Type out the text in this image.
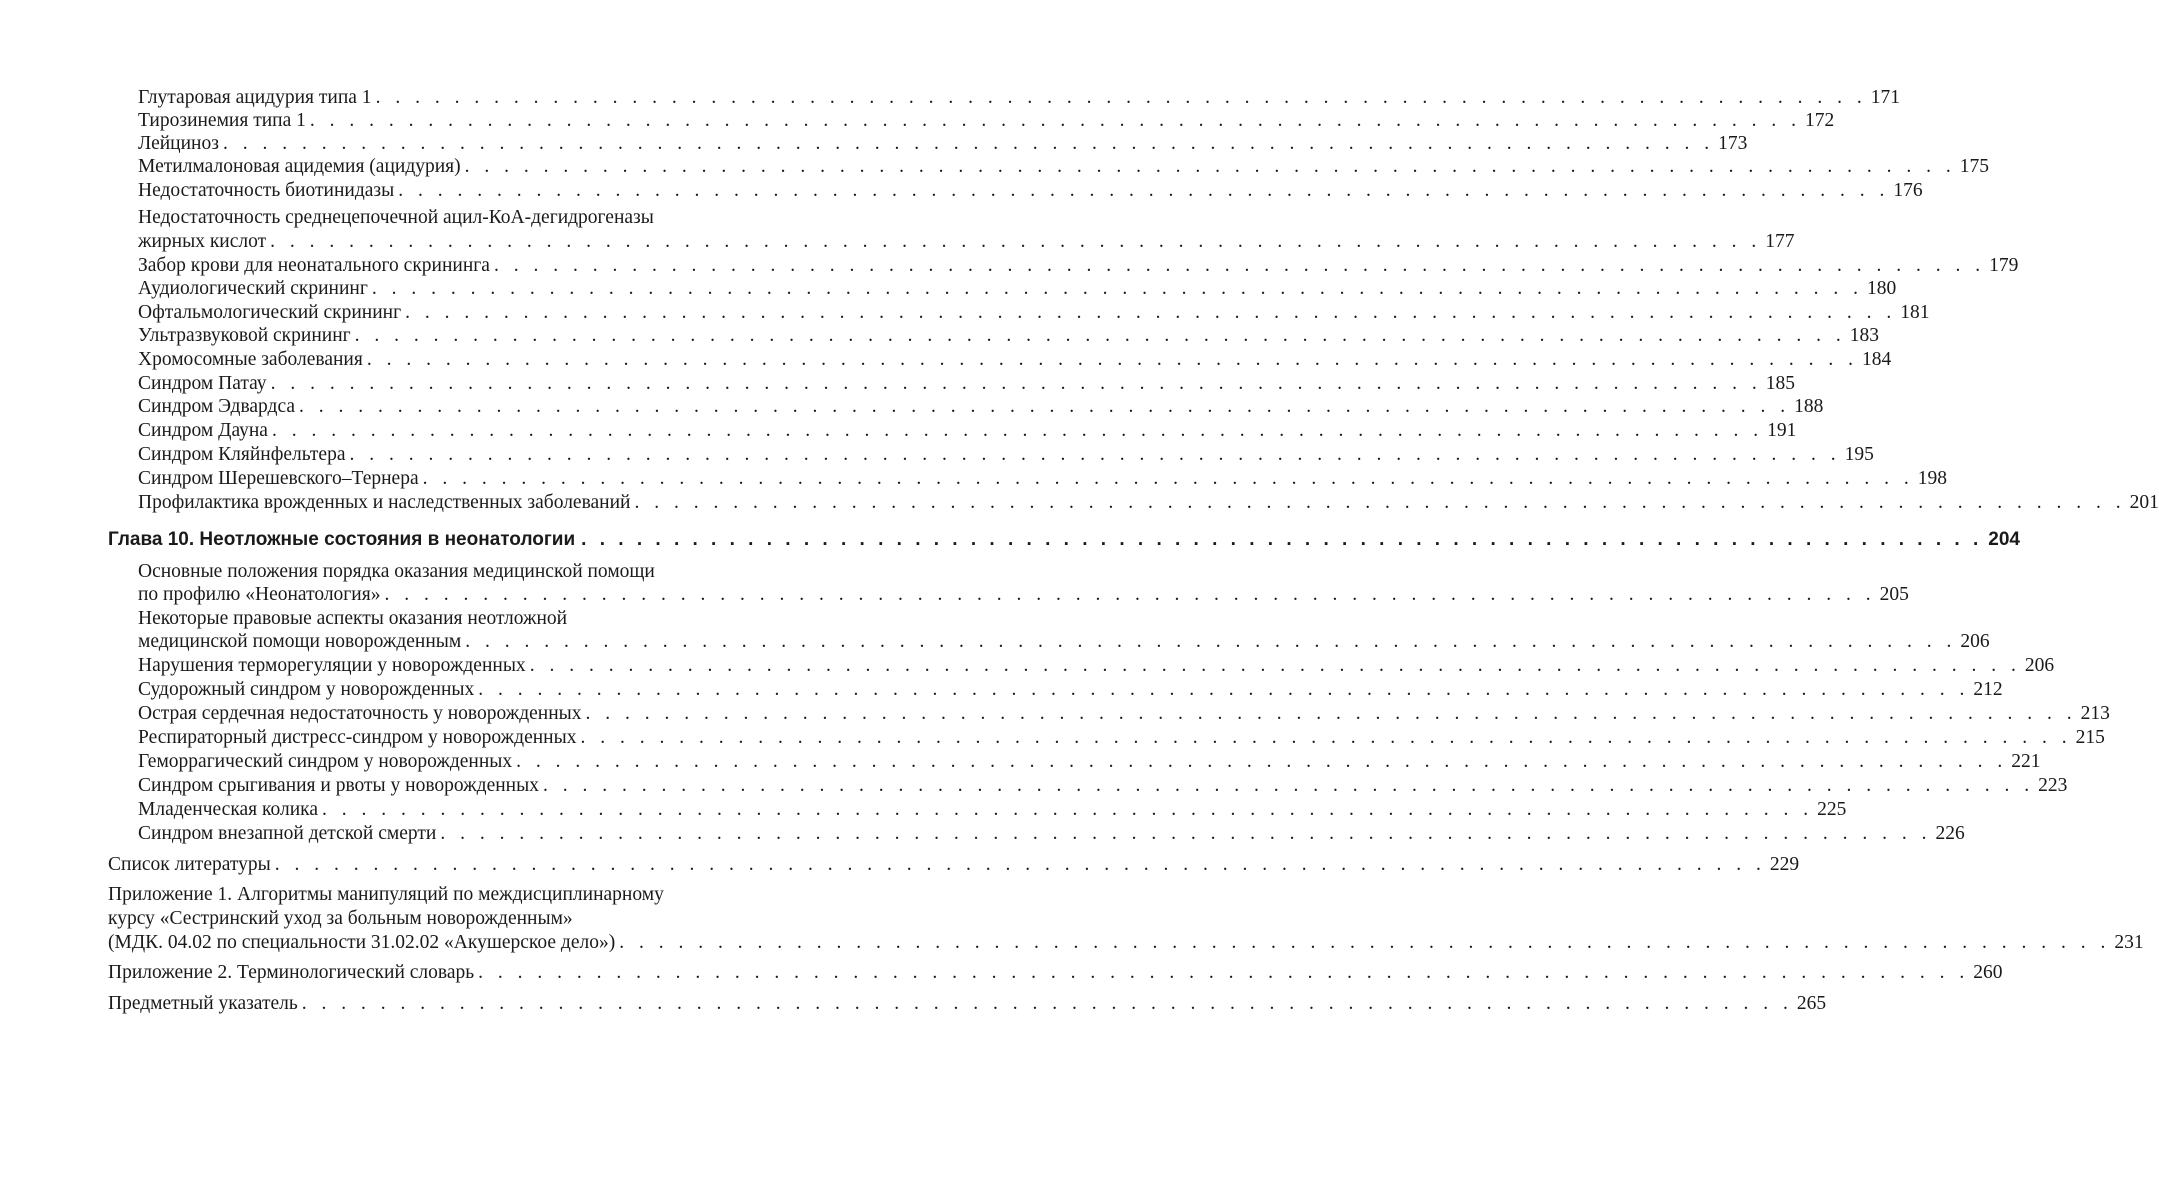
Глутаровая ацидурия типа 1 . . . . . . . . . . . . . . . . . . . . . . . . . . . . . . . . . . . . . . . . . . . . . . . . . . . . . . . . . . . . . . . . . . . . . . . . . . . . 171
Тирозинемия типа 1 . . . . . . . . . . . . . . . . . . . . . . . . . . . . . . . . . . . . . . . . . . . . . . . . . . . . . . . . . . . . . . . . . . . . . . . . . . . . 172
Лейциноз . . . . . . . . . . . . . . . . . . . . . . . . . . . . . . . . . . . . . . . . . . . . . . . . . . . . . . . . . . . . . . . . . . . . . . . . . . . . 173
Метилмалоновая ацидемия (ацидурия) . . . . . . . . . . . . . . . . . . . . . . . . . . . . . . . . . . . . . . . . . . . . . . . . . . . . . . . . . . . . . . . . . . . . . . . . . . . . 175
Недостаточность биотинидазы . . . . . . . . . . . . . . . . . . . . . . . . . . . . . . . . . . . . . . . . . . . . . . . . . . . . . . . . . . . . . . . . . . . . . . . . . . . . 176
Недостаточность среднецепочечной ацил-КоА-дегидрогеназы
жирных кислот . . . . . . . . . . . . . . . . . . . . . . . . . . . . . . . . . . . . . . . . . . . . . . . . . . . . . . . . . . . . . . . . . . . . . . . . . . . . 177
Забор крови для неонатального скрининга . . . . . . . . . . . . . . . . . . . . . . . . . . . . . . . . . . . . . . . . . . . . . . . . . . . . . . . . . . . . . . . . . . . . . . . . . . . . 179
Аудиологический скрининг . . . . . . . . . . . . . . . . . . . . . . . . . . . . . . . . . . . . . . . . . . . . . . . . . . . . . . . . . . . . . . . . . . . . . . . . . . . . 180
Офтальмологический скрининг . . . . . . . . . . . . . . . . . . . . . . . . . . . . . . . . . . . . . . . . . . . . . . . . . . . . . . . . . . . . . . . . . . . . . . . . . . . . 181
Ультразвуковой скрининг . . . . . . . . . . . . . . . . . . . . . . . . . . . . . . . . . . . . . . . . . . . . . . . . . . . . . . . . . . . . . . . . . . . . . . . . . . . . 183
Хромосомные заболевания . . . . . . . . . . . . . . . . . . . . . . . . . . . . . . . . . . . . . . . . . . . . . . . . . . . . . . . . . . . . . . . . . . . . . . . . . . . . 184
Синдром Патау . . . . . . . . . . . . . . . . . . . . . . . . . . . . . . . . . . . . . . . . . . . . . . . . . . . . . . . . . . . . . . . . . . . . . . . . . . . . 185
Синдром Эдвардса . . . . . . . . . . . . . . . . . . . . . . . . . . . . . . . . . . . . . . . . . . . . . . . . . . . . . . . . . . . . . . . . . . . . . . . . . . . . 188
Синдром Дауна . . . . . . . . . . . . . . . . . . . . . . . . . . . . . . . . . . . . . . . . . . . . . . . . . . . . . . . . . . . . . . . . . . . . . . . . . . . . 191
Синдром Кляйнфельтера . . . . . . . . . . . . . . . . . . . . . . . . . . . . . . . . . . . . . . . . . . . . . . . . . . . . . . . . . . . . . . . . . . . . . . . . . . . . 195
Синдром Шерешевского–Тернера . . . . . . . . . . . . . . . . . . . . . . . . . . . . . . . . . . . . . . . . . . . . . . . . . . . . . . . . . . . . . . . . . . . . . . . . . . . . 198
Профилактика врожденных и наследственных заболеваний . . . . . . . . . . . . . . . . . . . . . . . . . . . . . . . . . . . . . . . . . . . . . . . . . . . . . . . . . . . . . . . . . . . . . . . . . . . . 201
Глава 10. Неотложные состояния в неонатологии . . . . . . . . . . . . . . . . . . . . . . . . . . . . . . . . . . . . . . . . . . . . . . . . . . . . . . . . . . . . . . . . . . . . . . . . . . . . 204
Основные положения порядка оказания медицинской помощи
по профилю «Неонатология» . . . . . . . . . . . . . . . . . . . . . . . . . . . . . . . . . . . . . . . . . . . . . . . . . . . . . . . . . . . . . . . . . . . . . . . . . . . . 205
Некоторые правовые аспекты оказания неотложной
медицинской помощи новорожденным . . . . . . . . . . . . . . . . . . . . . . . . . . . . . . . . . . . . . . . . . . . . . . . . . . . . . . . . . . . . . . . . . . . . . . . . . . . . 206
Нарушения терморегуляции у новорожденных . . . . . . . . . . . . . . . . . . . . . . . . . . . . . . . . . . . . . . . . . . . . . . . . . . . . . . . . . . . . . . . . . . . . . . . . . . . . 206
Судорожный синдром у новорожденных . . . . . . . . . . . . . . . . . . . . . . . . . . . . . . . . . . . . . . . . . . . . . . . . . . . . . . . . . . . . . . . . . . . . . . . . . . . . 212
Острая сердечная недостаточность у новорожденных . . . . . . . . . . . . . . . . . . . . . . . . . . . . . . . . . . . . . . . . . . . . . . . . . . . . . . . . . . . . . . . . . . . . . . . . . . . . 213
Респираторный дистресс-синдром у новорожденных . . . . . . . . . . . . . . . . . . . . . . . . . . . . . . . . . . . . . . . . . . . . . . . . . . . . . . . . . . . . . . . . . . . . . . . . . . . . 215
Геморрагический синдром у новорожденных . . . . . . . . . . . . . . . . . . . . . . . . . . . . . . . . . . . . . . . . . . . . . . . . . . . . . . . . . . . . . . . . . . . . . . . . . . . . 221
Синдром срыгивания и рвоты у новорожденных . . . . . . . . . . . . . . . . . . . . . . . . . . . . . . . . . . . . . . . . . . . . . . . . . . . . . . . . . . . . . . . . . . . . . . . . . . . . 223
Младенческая колика . . . . . . . . . . . . . . . . . . . . . . . . . . . . . . . . . . . . . . . . . . . . . . . . . . . . . . . . . . . . . . . . . . . . . . . . . . . . 225
Синдром внезапной детской смерти . . . . . . . . . . . . . . . . . . . . . . . . . . . . . . . . . . . . . . . . . . . . . . . . . . . . . . . . . . . . . . . . . . . . . . . . . . . . 226
Список литературы . . . . . . . . . . . . . . . . . . . . . . . . . . . . . . . . . . . . . . . . . . . . . . . . . . . . . . . . . . . . . . . . . . . . . . . . . . . . 229
Приложение 1. Алгоритмы манипуляций по междисциплинарному
курсу «Сестринский уход за больным новорожденным»
(МДК. 04.02 по специальности 31.02.02 «Акушерское дело») . . . . . . . . . . . . . . . . . . . . . . . . . . . . . . . . . . . . . . . . . . . . . . . . . . . . . . . . . . . . . . . . . . . . . . . . . . . . 231
Приложение 2. Терминологический словарь . . . . . . . . . . . . . . . . . . . . . . . . . . . . . . . . . . . . . . . . . . . . . . . . . . . . . . . . . . . . . . . . . . . . . . . . . . . . 260
Предметный указатель . . . . . . . . . . . . . . . . . . . . . . . . . . . . . . . . . . . . . . . . . . . . . . . . . . . . . . . . . . . . . . . . . . . . . . . . . . . . 265
